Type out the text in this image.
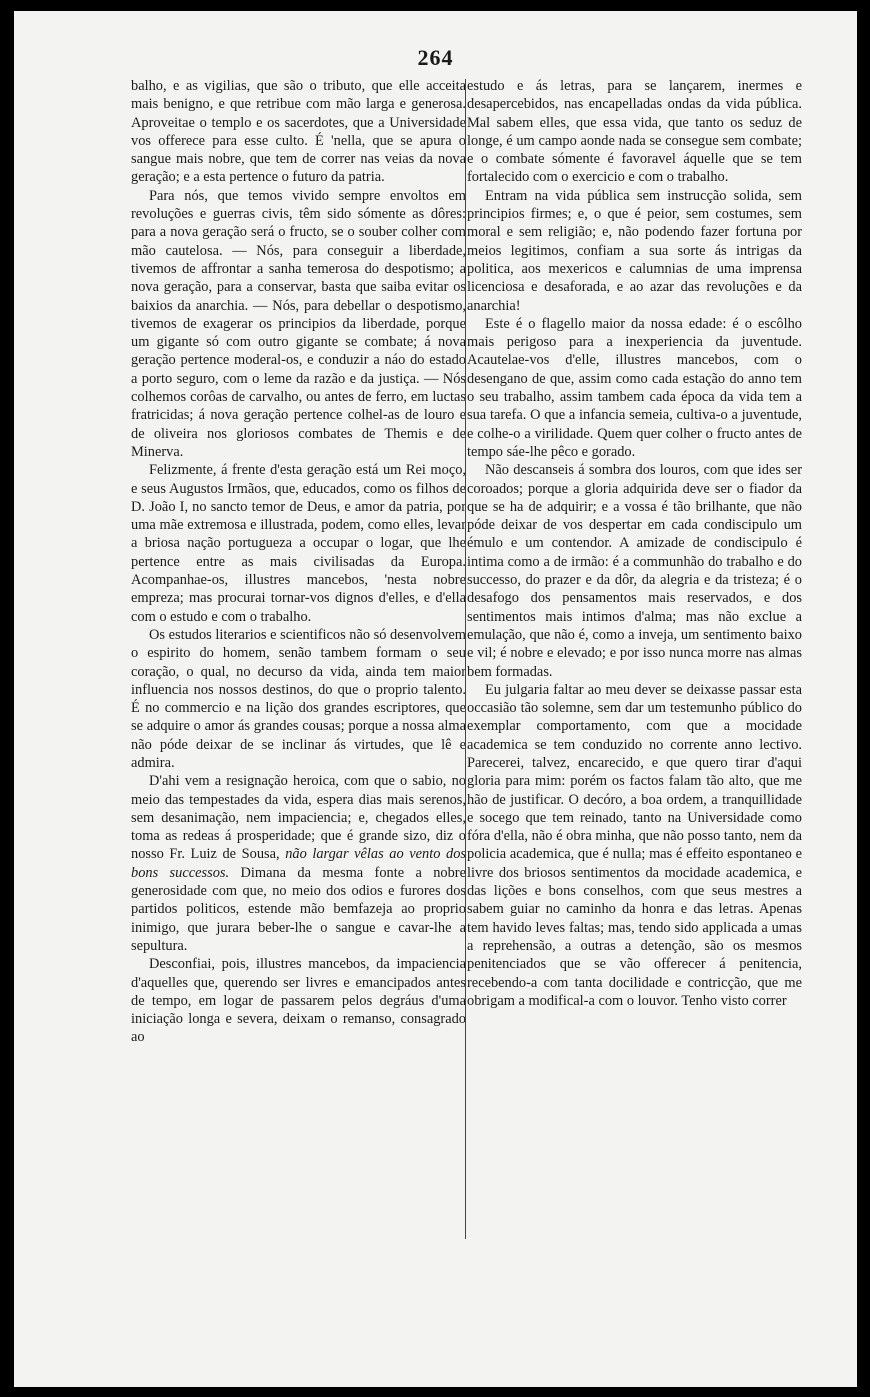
264

balho, e as vigilias, que são o tributo, que elle acceita mais benigno, e que retribue com mão larga e generosa. Aproveitae o templo e os sacerdotes, que a Universidade vos offerece para esse culto. É 'nella, que se apura o sangue mais nobre, que tem de correr nas veias da nova geração; e a esta pertence o futuro da patria.

Para nós, que temos vivido sempre envoltos em revoluções e guerras civis, têm sido sómente as dôres: para a nova geração será o fructo, se o souber colher com mão cautelosa. — Nós, para conseguir a liberdade, tivemos de affrontar a sanha temerosa do despotismo; a nova geração, para a conservar, basta que saiba evitar os baixios da anarchia. — Nós, para debellar o despotismo, tivemos de exagerar os principios da liberdade, porque um gigante só com outro gigante se combate; á nova geração pertence moderal-os, e conduzir a náo do estado a porto seguro, com o leme da razão e da justiça. — Nós colhemos corôas de carvalho, ou antes de ferro, em luctas fratricidas; á nova geração pertence colhel-as de louro e de oliveira nos gloriosos combates de Themis e de Minerva.

Felizmente, á frente d'esta geração está um Rei moço, e seus Augustos Irmãos, que, educados, como os filhos de D. João I, no sancto temor de Deus, e amor da patria, por uma mãe extremosa e illustrada, podem, como elles, levar a briosa nação portugueza a occupar o logar, que lhe pertence entre as mais civilisadas da Europa. Acompanhae-os, illustres mancebos, 'nesta nobre empreza; mas procurai tornar-vos dignos d'elles, e d'ella com o estudo e com o trabalho.

Os estudos literarios e scientificos não só desenvolvem o espirito do homem, senão tambem formam o seu coração, o qual, no decurso da vida, ainda tem maior influencia nos nossos destinos, do que o proprio talento. É no commercio e na lição dos grandes escriptores, que se adquire o amor ás grandes cousas; porque a nossa alma não póde deixar de se inclinar ás virtudes, que lê e admira.

D'ahi vem a resignação heroica, com que o sabio, no meio das tempestades da vida, espera dias mais serenos, sem desanimação, nem impaciencia; e, chegados elles, toma as redeas á prosperidade; que é grande sizo, diz o nosso Fr. Luiz de Sousa, não largar vêlas ao vento dos bons successos. Dimana da mesma fonte a nobre generosidade com que, no meio dos odios e furores dos partidos politicos, estende mão bemfazeja ao proprio inimigo, que jurara beber-lhe o sangue e cavar-lhe a sepultura.

Desconfiai, pois, illustres mancebos, da impaciencia d'aquelles que, querendo ser livres e emancipados antes de tempo, em logar de passarem pelos degráus d'uma iniciação longa e severa, deixam o remanso, consagrado ao

estudo e ás letras, para se lançarem, inermes e desapercebidos, nas encapelladas ondas da vida pública. Mal sabem elles, que essa vida, que tanto os seduz de longe, é um campo aonde nada se consegue sem combate; e o combate sómente é favoravel áquelle que se tem fortalecido com o exercicio e com o trabalho.

Entram na vida pública sem instrucção solida, sem principios firmes; e, o que é peior, sem costumes, sem moral e sem religião; e, não podendo fazer fortuna por meios legitimos, confiam a sua sorte ás intrigas da politica, aos mexericos e calumnias de uma imprensa licenciosa e desaforada, e ao azar das revoluções e da anarchia!

Este é o flagello maior da nossa edade: é o escôlho mais perigoso para a inexperiencia da juventude. Acautelae-vos d'elle, illustres mancebos, com o desengano de que, assim como cada estação do anno tem o seu trabalho, assim tambem cada época da vida tem a sua tarefa. O que a infancia semeia, cultiva-o a juventude, e colhe-o a virilidade. Quem quer colher o fructo antes de tempo sáe-lhe pêco e gorado.

Não descanseis á sombra dos louros, com que ides ser coroados; porque a gloria adquirida deve ser o fiador da que se ha de adquirir; e a vossa é tão brilhante, que não póde deixar de vos despertar em cada condiscipulo um émulo e um contendor. A amizade de condiscipulo é intima como a de irmão: é a communhão do trabalho e do successo, do prazer e da dôr, da alegria e da tristeza; é o desafogo dos pensamentos mais reservados, e dos sentimentos mais intimos d'alma; mas não exclue a emulação, que não é, como a inveja, um sentimento baixo e vil; é nobre e elevado; e por isso nunca morre nas almas bem formadas.

Eu julgaria faltar ao meu dever se deixasse passar esta occasião tão solemne, sem dar um testemunho público do exemplar comportamento, com que a mocidade academica se tem conduzido no corrente anno lectivo. Parecerei, talvez, encarecido, e que quero tirar d'aqui gloria para mim: porém os factos falam tão alto, que me hão de justificar. O decóro, a boa ordem, a tranquillidade e socego que tem reinado, tanto na Universidade como fóra d'ella, não é obra minha, que não posso tanto, nem da policia academica, que é nulla; mas é effeito espontaneo e livre dos briosos sentimentos da mocidade academica, e das lições e bons conselhos, com que seus mestres a sabem guiar no caminho da honra e das letras. Apenas tem havido leves faltas; mas, tendo sido applicada a umas a reprehensão, a outras a detenção, são os mesmos penitenciados que se vão offerecer á penitencia, recebendo-a com tanta docilidade e contricção, que me obrigam a modifical-a com o louvor. Tenho visto correr
